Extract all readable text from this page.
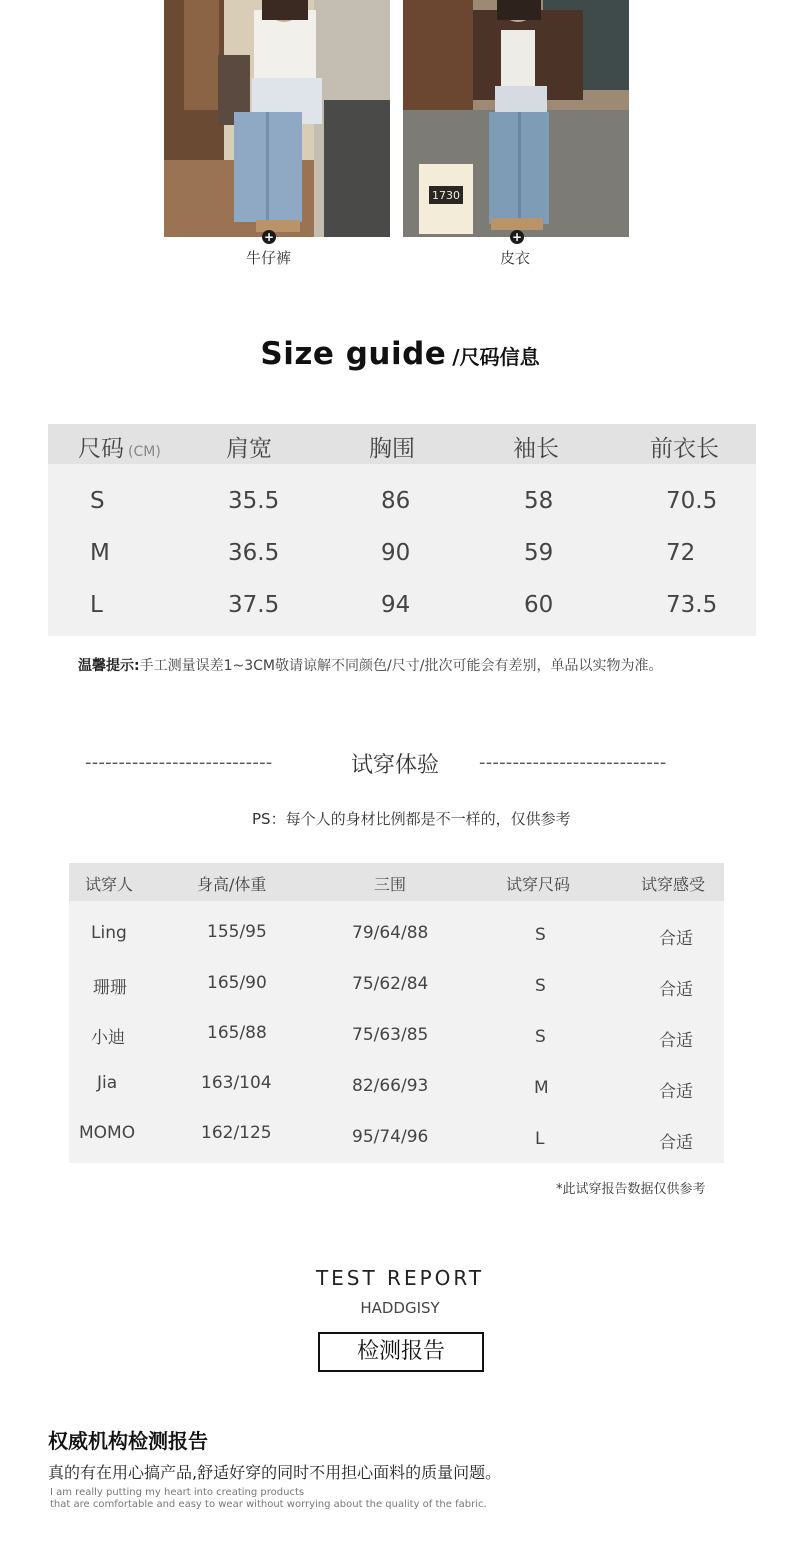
+
牛仔裤
1730
+
皮衣
Size guide /尺码信息
尺码 (CM)	肩宽	胸围	袖长	前衣长
S	35.5	86	58	70.5
M	36.5	90	59	72
L	37.5	94	60	73.5
温馨提示:手工测量误差1~3CM敬请谅解不同颜色/尺寸/批次可能会有差别，单品以实物为准。
----------------------------	试穿体验 ----------------------------
PS：每个人的身材比例都是不一样的，仅供参考
试穿人	身高/体重	三围	试穿尺码	试穿感受
Ling	155/95	79/64/88	S	合适
珊珊	165/90	75/62/84	S	合适
小迪	165/88	75/63/85	S	合适
Jia	163/104	82/66/93	M	合适
MOMO	162/125	95/74/96	L	合适
*此试穿报告数据仅供参考
TEST REPORT
HADDGISY
检测报告
权威机构检测报告
真的有在用心搞产品,舒适好穿的同时不用担心面料的质量问题。
I am really putting my heart into creating products
that are comfortable and easy to wear without worrying about the quality of the fabric.
